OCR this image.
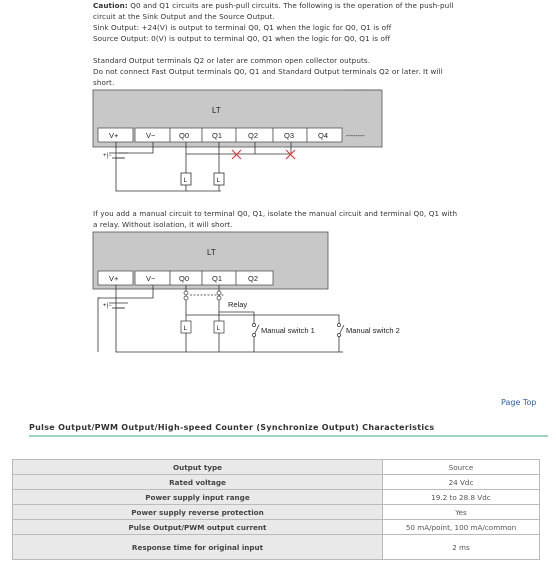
Caution: Q0 and Q1 circuits are push-pull circuits. The following is the operation of the push-pull
circuit at the Sink Output and the Source Output.
Sink Output: +24(V) is output to terminal Q0, Q1 when the logic for Q0, Q1 is off
Source Output: 0(V) is output to terminal Q0, Q1 when the logic for Q0, Q1 is off
Standard Output terminals Q2 or later are common open collector outputs.
Do not connect Fast Output terminals Q0, Q1 and Standard Output terminals Q2 or later. It will
short.
LT
V+	V−	Q0	Q1	Q2	Q3	Q4	--------
+|−
L	L
If you add a manual circuit to terminal Q0, Q1, isolate the manual circuit and terminal Q0, Q1 with
a relay. Without isolation, it will short.
LT
V+	V−	Q0	Q1	Q2
L	L
+|−	Relay
Manual switch 1	Manual switch 2
Page Top
Pulse Output/PWM Output/High-speed Counter (Synchronize Output) Characteristics
Output type	Source
Rated voltage	24 Vdc
Power supply input range	19.2 to 28.8 Vdc
Power supply reverse protection	Yes
Pulse Output/PWM output current	50 mA/point, 100 mA/common
Response time for original input	2 ms
